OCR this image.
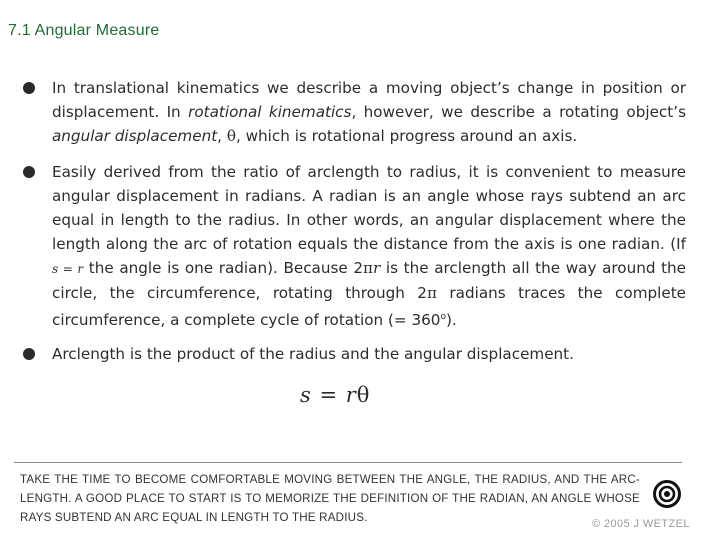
7.1 Angular Measure
In translational kinematics we describe a moving object’s change in position or displacement. In rotational kinematics, however, we describe a rotating object’s angular displacement, θ, which is rotational progress around an axis.
Easily derived from the ratio of arclength to radius, it is convenient to measure angular displacement in radians. A radian is an angle whose rays subtend an arc equal in length to the radius. In other words, an angular displacement where the length along the arc of rotation equals the distance from the axis is one radian. (If s = r the angle is one radian). Because 2πr is the arclength all the way around the circle, the circumference, rotating through 2π radians traces the complete circumference, a complete cycle of rotation (= $360^o$).
Arclength is the product of the radius and the angular displacement.
s = rθ
TAKE THE TIME TO BECOME COMFORTABLE MOVING BETWEEN THE ANGLE, THE RADIUS, AND THE ARC-LENGTH. A GOOD PLACE TO START IS TO MEMORIZE THE DEFINITION OF THE RADIAN, AN ANGLE WHOSE RAYS SUBTEND AN ARC EQUAL IN LENGTH TO THE RADIUS.	© 2005 J WETZEL
